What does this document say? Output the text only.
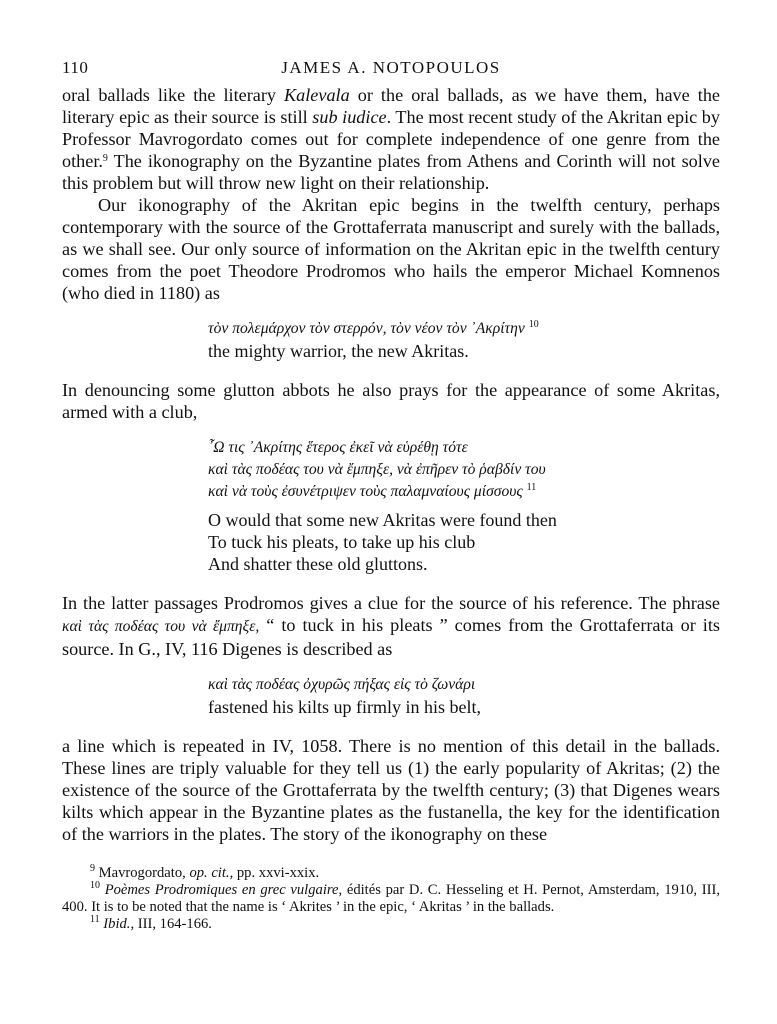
110	JAMES A. NOTOPOULOS

oral ballads like the literary Kalevala or the oral ballads, as we have them, have the literary epic as their source is still sub iudice. The most recent study of the Akritan epic by Professor Mavrogordato comes out for complete independence of one genre from the other.$^9$ The ikonography on the Byzantine plates from Athens and Corinth will not solve this problem but will throw new light on their relationship.

Our ikonography of the Akritan epic begins in the twelfth century, perhaps contemporary with the source of the Grottaferrata manuscript and surely with the ballads, as we shall see. Our only source of information on the Akritan epic in the twelfth century comes from the poet Theodore Prodromos who hails the emperor Michael Komnenos (who died in 1180) as

τὸν πολεμάρχον τὸν στερρόν, τὸν νέον τὸν ᾿Ακρίτην $^{10}$
the mighty warrior, the new Akritas.

In denouncing some glutton abbots he also prays for the appearance of some Akritas, armed with a club,

῏Ω τις ᾿Ακρίτης ἕτερος ἐκεῖ νὰ εὑρέθῃ τότε
καὶ τὰς ποδέας του νὰ ἔμπηξε, νὰ ἐπῆρεν τὸ ῥαβδίν του
καὶ νὰ τοὺς ἐσυνέτριψεν τοὺς παλαμναίους μίσσους $^{11}$
O would that some new Akritas were found then
To tuck his pleats, to take up his club
And shatter these old gluttons.

In the latter passages Prodromos gives a clue for the source of his reference. The phrase καὶ τὰς ποδέας του νὰ ἔμπηξε, “ to tuck in his pleats ” comes from the Grottaferrata or its source. In G., IV, 116 Digenes is described as

καὶ τὰς ποδέας ὀχυρῶς πήξας εἰς τὸ ζωνάρι
fastened his kilts up firmly in his belt,

a line which is repeated in IV, 1058. There is no mention of this detail in the ballads. These lines are triply valuable for they tell us (1) the early popularity of Akritas; (2) the existence of the source of the Grottaferrata by the twelfth century; (3) that Digenes wears kilts which appear in the Byzantine plates as the fustanella, the key for the identification of the warriors in the plates. The story of the ikonography on these

$^9$ Mavrogordato, op. cit., pp. xxvi-xxix.
$^{10}$ Poèmes Prodromiques en grec vulgaire, édités par D. C. Hesseling et H. Pernot, Amsterdam, 1910, III, 400. It is to be noted that the name is ‘ Akrites ’ in the epic, ‘ Akritas ’ in the ballads.
$^{11}$ Ibid., III, 164-166.
